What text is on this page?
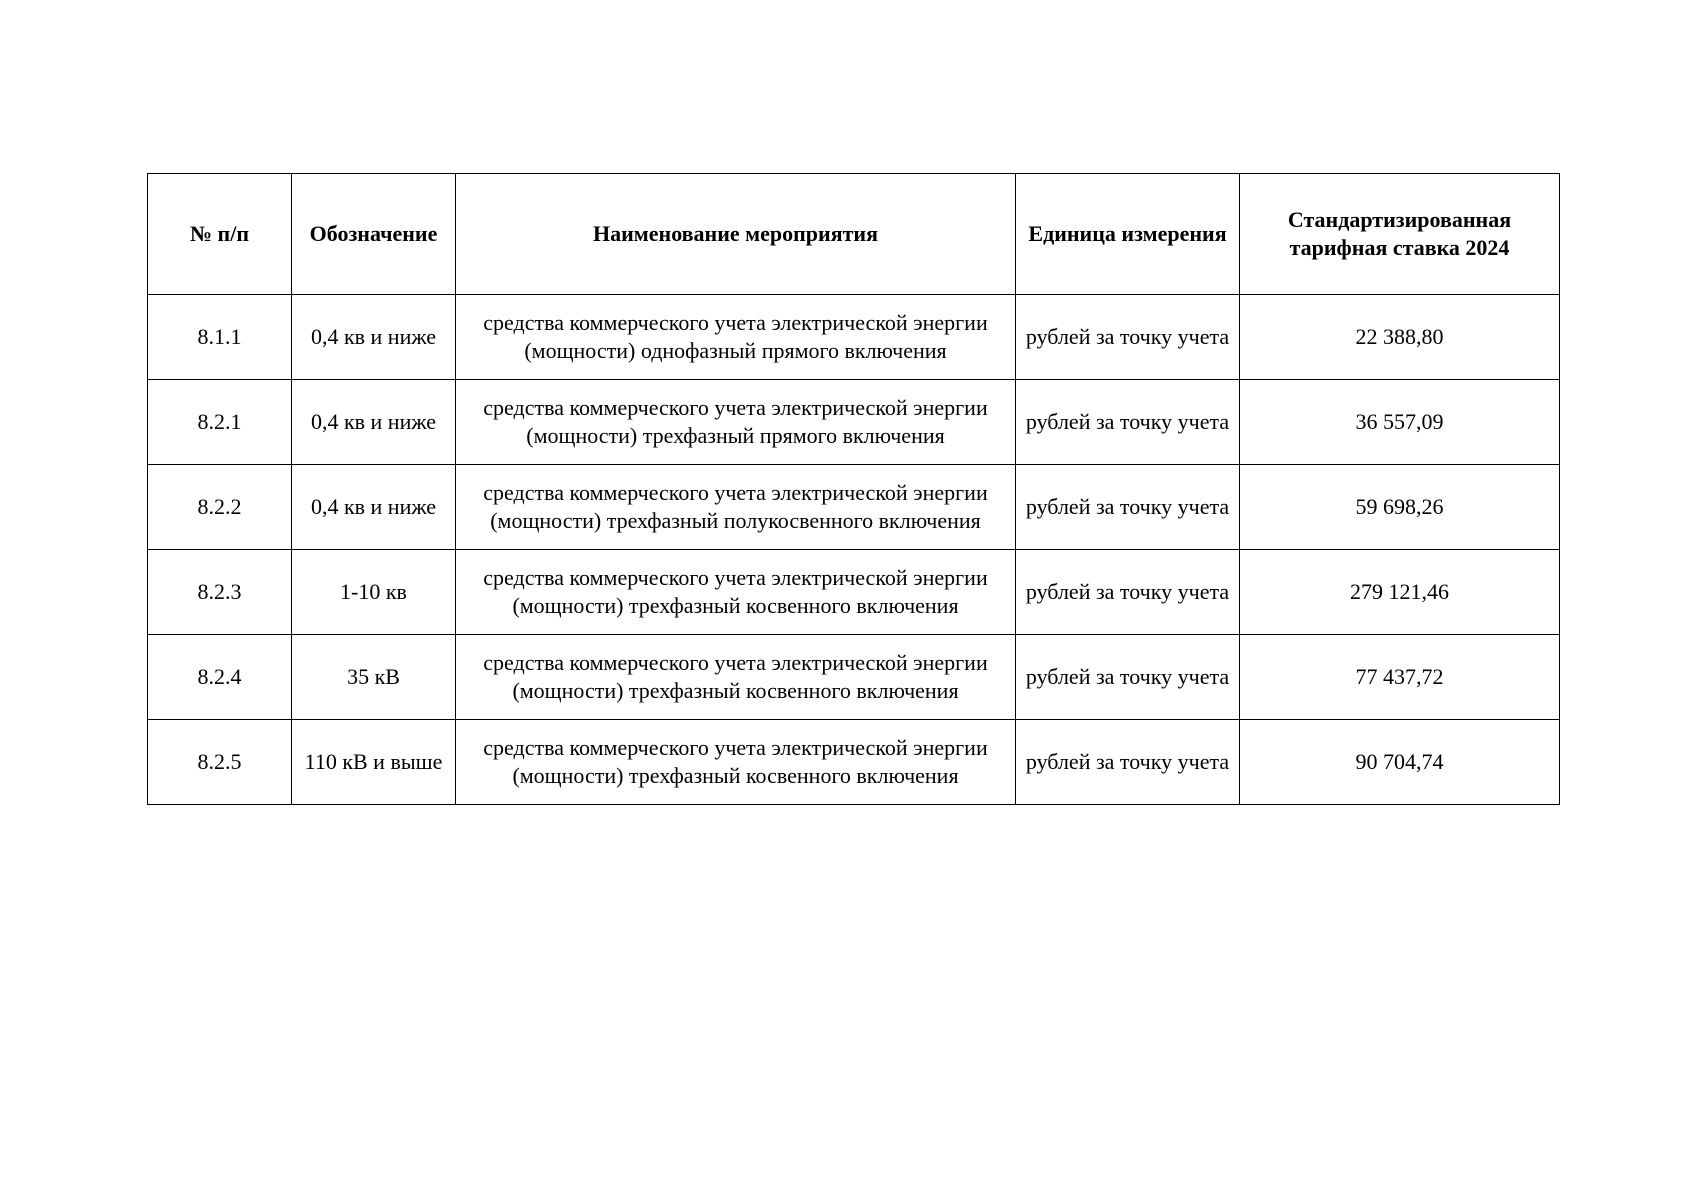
№ п/п	Обозначение	Наименование мероприятия	Единица измерения	Стандартизированная тарифная ставка 2024
8.1.1	0,4 кв и ниже	средства коммерческого учета электрической энергии (мощности) однофазный прямого включения	рублей за точку учета	22 388,80
8.2.1	0,4 кв и ниже	средства коммерческого учета электрической энергии (мощности) трехфазный прямого включения	рублей за точку учета	36 557,09
8.2.2	0,4 кв и ниже	средства коммерческого учета электрической энергии (мощности) трехфазный полукосвенного включения	рублей за точку учета	59 698,26
8.2.3	1-10 кв	средства коммерческого учета электрической энергии (мощности) трехфазный косвенного включения	рублей за точку учета	279 121,46
8.2.4	35 кВ	средства коммерческого учета электрической энергии (мощности) трехфазный косвенного включения	рублей за точку учета	77 437,72
8.2.5	110 кВ и выше	средства коммерческого учета электрической энергии (мощности) трехфазный косвенного включения	рублей за точку учета	90 704,74
